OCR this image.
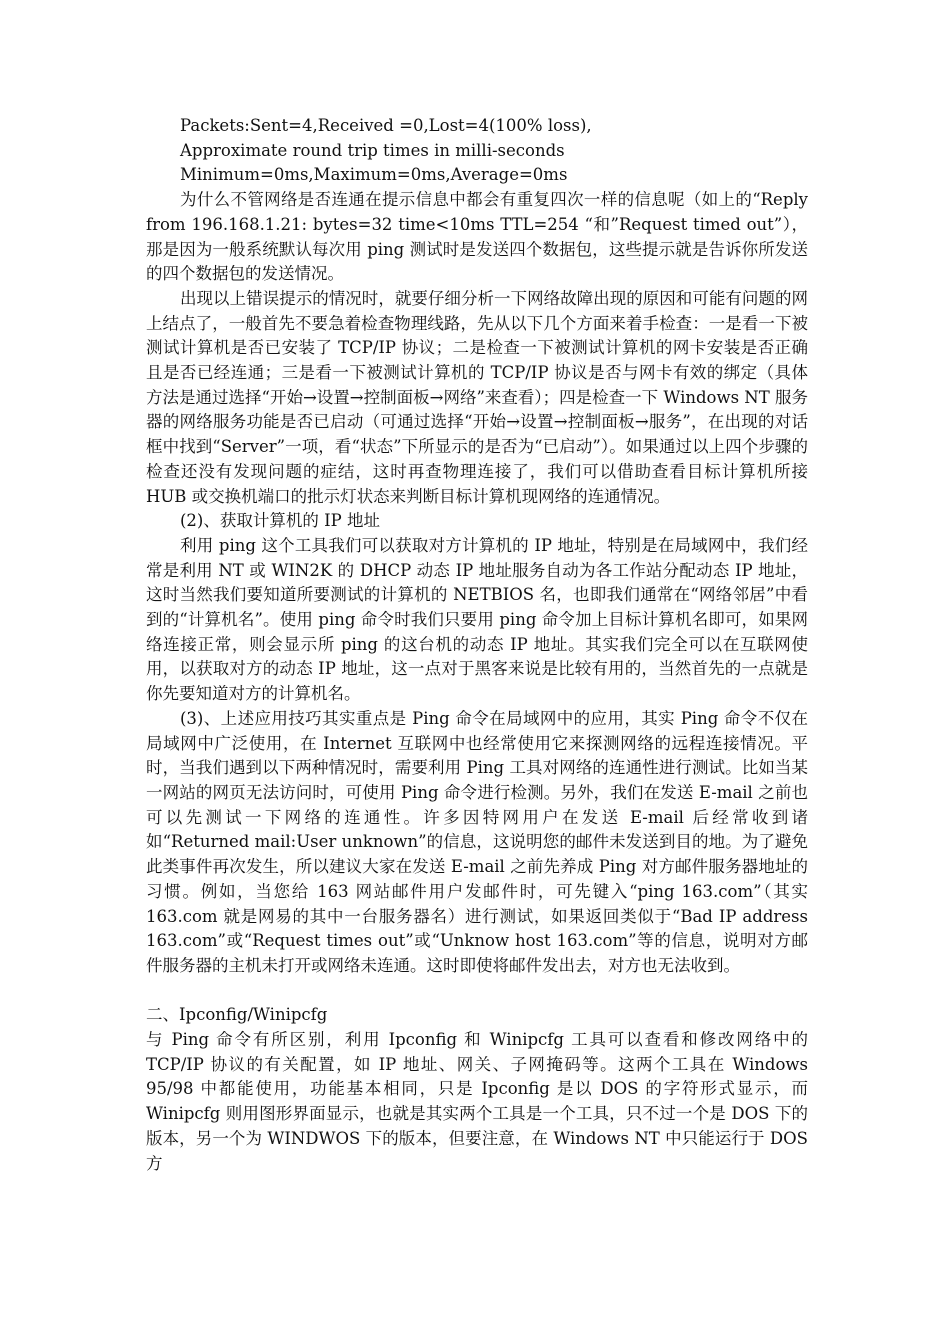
Packets:Sent=4,Received =0,Lost=4(100% loss),

Approximate round trip times in milli-seconds

Minimum=0ms,Maximum=0ms,Average=0ms

为什么不管网络是否连通在提示信息中都会有重复四次一样的信息呢（如上的“Reply from 196.168.1.21: bytes=32 time<10ms TTL=254 “和”Request timed out”），那是因为一般系统默认每次用 ping 测试时是发送四个数据包，这些提示就是告诉你所发送的四个数据包的发送情况。

出现以上错误提示的情况时，就要仔细分析一下网络故障出现的原因和可能有问题的网上结点了，一般首先不要急着检查物理线路，先从以下几个方面来着手检查：一是看一下被测试计算机是否已安装了 TCP/IP 协议；二是检查一下被测试计算机的网卡安装是否正确且是否已经连通；三是看一下被测试计算机的 TCP/IP 协议是否与网卡有效的绑定（具体方法是通过选择“开始→设置→控制面板→网络”来查看）；四是检查一下 Windows NT 服务器的网络服务功能是否已启动（可通过选择“开始→设置→控制面板→服务”，在出现的对话框中找到“Server”一项，看“状态”下所显示的是否为“已启动”）。如果通过以上四个步骤的检查还没有发现问题的症结，这时再查物理连接了，我们可以借助查看目标计算机所接 HUB 或交换机端口的批示灯状态来判断目标计算机现网络的连通情况。

(2)、获取计算机的 IP 地址

利用 ping 这个工具我们可以获取对方计算机的 IP 地址，特别是在局域网中，我们经常是利用 NT 或 WIN2K 的 DHCP 动态 IP 地址服务自动为各工作站分配动态 IP 地址，这时当然我们要知道所要测试的计算机的 NETBIOS 名，也即我们通常在“网络邻居”中看到的“计算机名”。使用 ping 命令时我们只要用 ping 命令加上目标计算机名即可，如果网络连接正常，则会显示所 ping 的这台机的动态 IP 地址。其实我们完全可以在互联网使用，以获取对方的动态 IP 地址，这一点对于黑客来说是比较有用的，当然首先的一点就是你先要知道对方的计算机名。

(3)、上述应用技巧其实重点是 Ping 命令在局域网中的应用，其实 Ping 命令不仅在局域网中广泛使用，在 Internet 互联网中也经常使用它来探测网络的远程连接情况。平时，当我们遇到以下两种情况时，需要利用 Ping 工具对网络的连通性进行测试。比如当某一网站的网页无法访问时，可使用 Ping 命令进行检测。另外，我们在发送 E-mail 之前也可以先测试一下网络的连通性。许多因特网用户在发送 E-mail 后经常收到诸如“Returned mail:User unknown”的信息，这说明您的邮件未发送到目的地。为了避免此类事件再次发生，所以建议大家在发送 E-mail 之前先养成 Ping 对方邮件服务器地址的习惯。例如，当您给 163 网站邮件用户发邮件时，可先键入“ping 163.com”（其实 163.com 就是网易的其中一台服务器名）进行测试，如果返回类似于“Bad IP address 163.com”或“Request times out”或“Unknow host 163.com”等的信息，说明对方邮件服务器的主机未打开或网络未连通。这时即使将邮件发出去，对方也无法收到。

二、Ipconfig/Winipcfg

与 Ping 命令有所区别，利用 Ipconfig 和 Winipcfg 工具可以查看和修改网络中的 TCP/IP 协议的有关配置，如 IP 地址、网关、子网掩码等。这两个工具在 Windows 95/98 中都能使用，功能基本相同，只是 Ipconfig 是以 DOS 的字符形式显示，而 Winipcfg 则用图形界面显示，也就是其实两个工具是一个工具，只不过一个是 DOS 下的版本，另一个为 WINDWOS 下的版本，但要注意，在 Windows NT 中只能运行于 DOS 方
